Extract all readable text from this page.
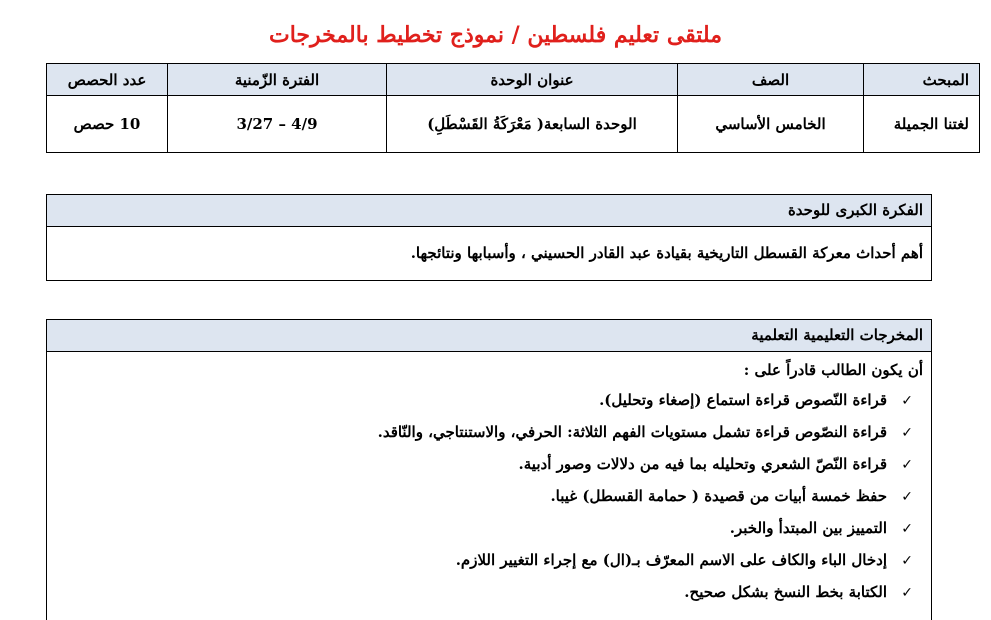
ملتقى تعليم فلسطين / نموذج تخطيط بالمخرجات
المبحث	الصف	عنوان الوحدة	الفترة الزّمنية	عدد الحصص
لغتنا الجميلة	الخامس الأساسي	الوحدة السابعة( مَعْرَكَةُ القَسْطَلِ)	3/27 – 4/9	10 حصص
الفكرة الكبرى للوحدة
أهم أحداث معركة القسطل التاريخية بقيادة عبد القادر الحسيني ، وأسبابها ونتائجها.
المخرجات التعليمية التعلمية
أن يكون الطالب قادراً على :
✓قراءة النّصوص قراءة استماع (إصغاء وتحليل).
✓قراءة النصّوص قراءة تشمل مستويات الفهم الثلاثة: الحرفي، والاستنتاجي، والنّاقد.
✓قراءة النّصّ الشعري وتحليله بما فيه من دلالات وصور أدبية.
✓حفظ خمسة أبيات من قصيدة ( حمامة القسطل) غيبا.
✓التمييز بين المبتدأ والخبر.
✓إدخال الباء والكاف على الاسم المعرّف بـ(ال) مع إجراء التغيير اللازم.
✓الكتابة بخط النسخ بشكل صحيح.
